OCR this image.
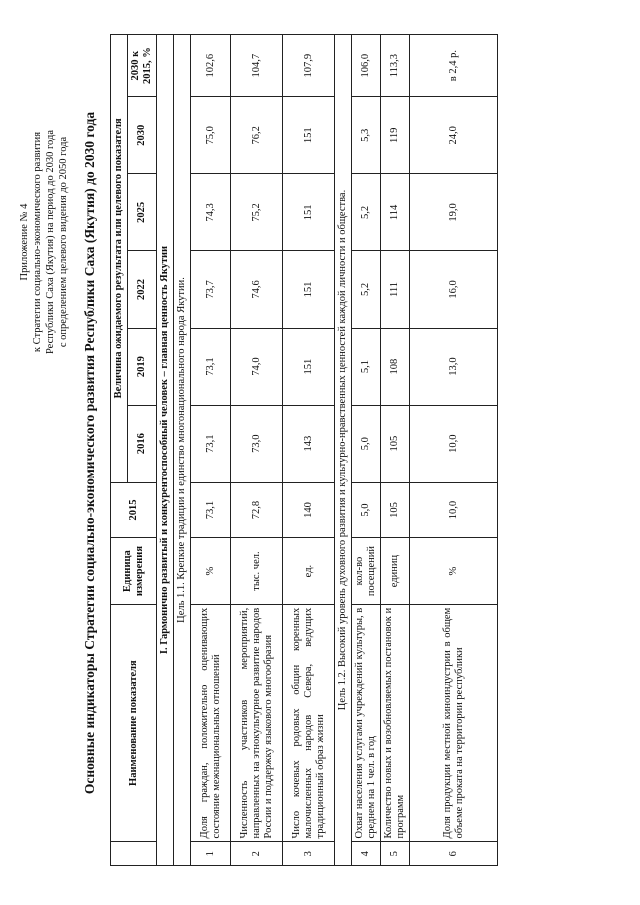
Приложение № 4 к Стратегии социально-экономического развития Республики Саха (Якутия) на период до 2030 года с определением целевого видения до 2050 года Основные индикаторы Стратегии социально-экономического развития Республики Саха (Якутия) до 2030 года
		Наименование показателя	Единица измерения	2015	Величина ожидаемого результата или целевого показателя					
				2016	2019	2022	2025	2030	2030 к 2015, %
I. Гармонично развитый и конкурентоспособный человек – главная ценность Якутии									
Цель 1.1. Крепкие традиции и единство многонационального народа Якутии.									
1	Доля граждан, положительно оценивающих состояние межнациональных отношений	%	73,1	73,1	73,1	73,7	74,3	75,0	102,6
2	Численность участников мероприятий, направленных на этнокультурное развитие народов России и поддержку языкового многообразия	тыс. чел.	72,8	73,0	74,0	74,6	75,2	76,2	104,7
3	Число кочевых родовых общин коренных малочисленных народов Севера, ведущих традиционный образ жизни	ед.	140	143	151	151	151	151	107,9
Цель 1.2. Высокий уровень духовного развития и культурно-нравственных ценностей каждой личности и общества.									
4	Охват населения услугами учреждений культуры, в среднем на 1 чел. в год	кол-во посещений	5,0	5,0	5,1	5,2	5,2	5,3	106,0
5	Количество новых и возобновляемых постановок и программ	единиц	105	105	108	111	114	119	113,3
6	Доля продукции местной киноиндустрии в общем объеме проката на территории республики	%	10,0	10,0	13,0	16,0	19,0	24,0	в 2,4 р.
